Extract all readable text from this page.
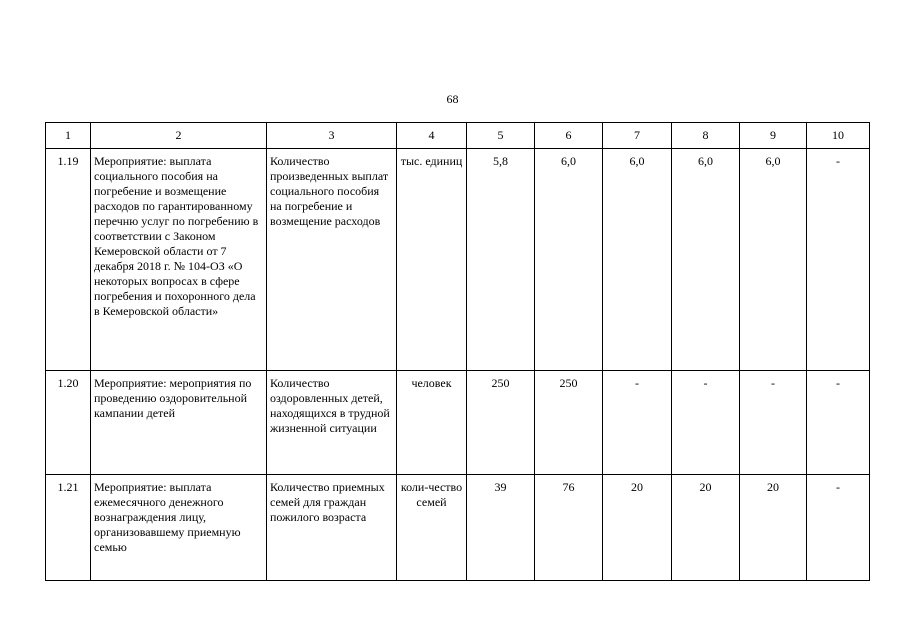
68
1	2	3	4	5	6	7	8	9	10
1.19	Мероприятие: выплата социального пособия на погребение и возмещение расходов по гарантированному перечню услуг по погребению в соответствии с Законом Кемеровской области от 7 декабря 2018 г. № 104-ОЗ «О некоторых вопросах в сфере погребения и похоронного дела в Кемеровской области»	Количество произведенных выплат социального пособия на погребение и возмещение расходов	тыс. единиц	5,8	6,0	6,0	6,0	6,0	-
1.20	Мероприятие: мероприятия по проведению оздоровительной кампании детей	Количество оздоровленных детей, находящихся в трудной жизненной ситуации	человек	250	250	-	-	-	-
1.21	Мероприятие: выплата ежемесячного денежного вознаграждения лицу, организовавшему приемную семью	Количество приемных семей для граждан пожилого возраста	коли-чество семей	39	76	20	20	20	-
